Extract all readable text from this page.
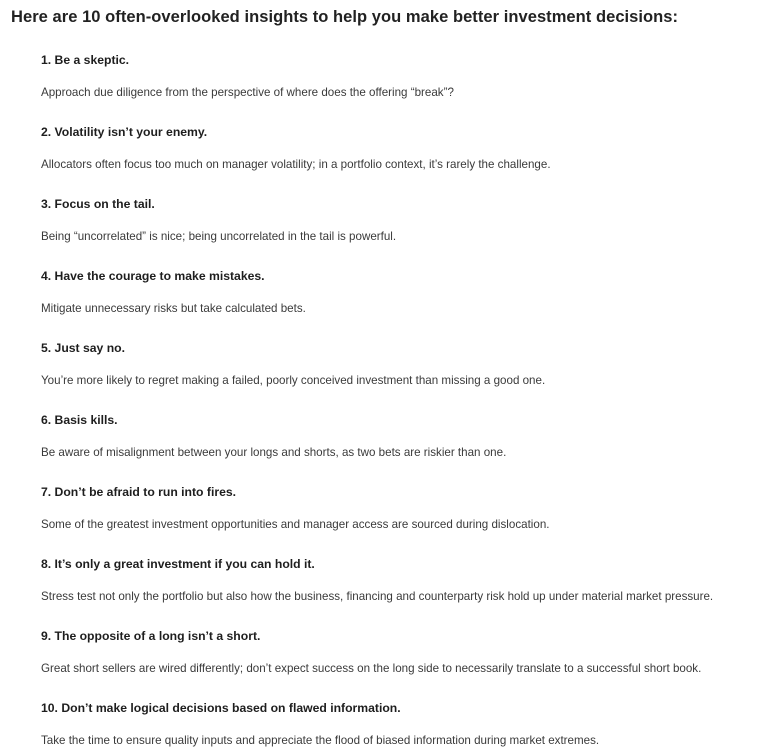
Here are 10 often-overlooked insights to help you make better investment decisions:
1. Be a skeptic.
Approach due diligence from the perspective of where does the offering “break”?
2. Volatility isn’t your enemy.
Allocators often focus too much on manager volatility; in a portfolio context, it’s rarely the challenge.
3. Focus on the tail.
Being “uncorrelated” is nice; being uncorrelated in the tail is powerful.
4. Have the courage to make mistakes.
Mitigate unnecessary risks but take calculated bets.
5. Just say no.
You’re more likely to regret making a failed, poorly conceived investment than missing a good one.
6. Basis kills.
Be aware of misalignment between your longs and shorts, as two bets are riskier than one.
7. Don’t be afraid to run into fires.
Some of the greatest investment opportunities and manager access are sourced during dislocation.
8. It’s only a great investment if you can hold it.
Stress test not only the portfolio but also how the business, financing and counterparty risk hold up under material market pressure.
9. The opposite of a long isn’t a short.
Great short sellers are wired differently; don’t expect success on the long side to necessarily translate to a successful short book.
10. Don’t make logical decisions based on flawed information.
Take the time to ensure quality inputs and appreciate the flood of biased information during market extremes.
